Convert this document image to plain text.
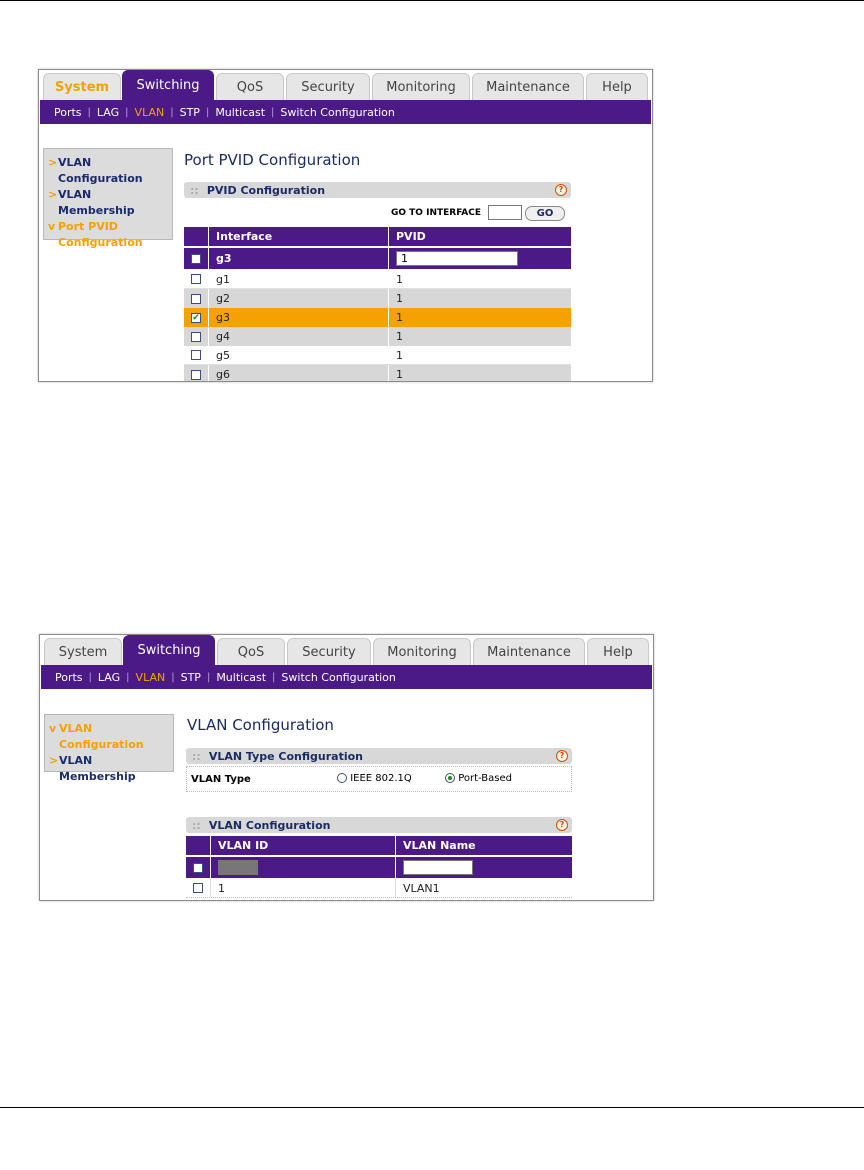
System	Switching	QoS	Security	Monitoring	Maintenance	Help
Ports | LAG | VLAN | STP | Multicast | Switch Configuration
> VLAN Configuration
> VLAN Membership
v Port PVID Configuration
Port PVID Configuration
:: PVID Configuration	?
GO TO INTERFACE	GO
Interface	PVID
g3	1
g1	1
g2	1
✔	g3	1
g4	1
g5	1
g6	1
System	Switching	QoS	Security	Monitoring	Maintenance	Help
Ports | LAG | VLAN | STP | Multicast | Switch Configuration
v VLAN Configuration
> VLAN Membership
VLAN Configuration
:: VLAN Type Configuration	?
VLAN Type	IEEE 802.1Q	Port-Based
:: VLAN Configuration	?
VLAN ID	VLAN Name
1	VLAN1
